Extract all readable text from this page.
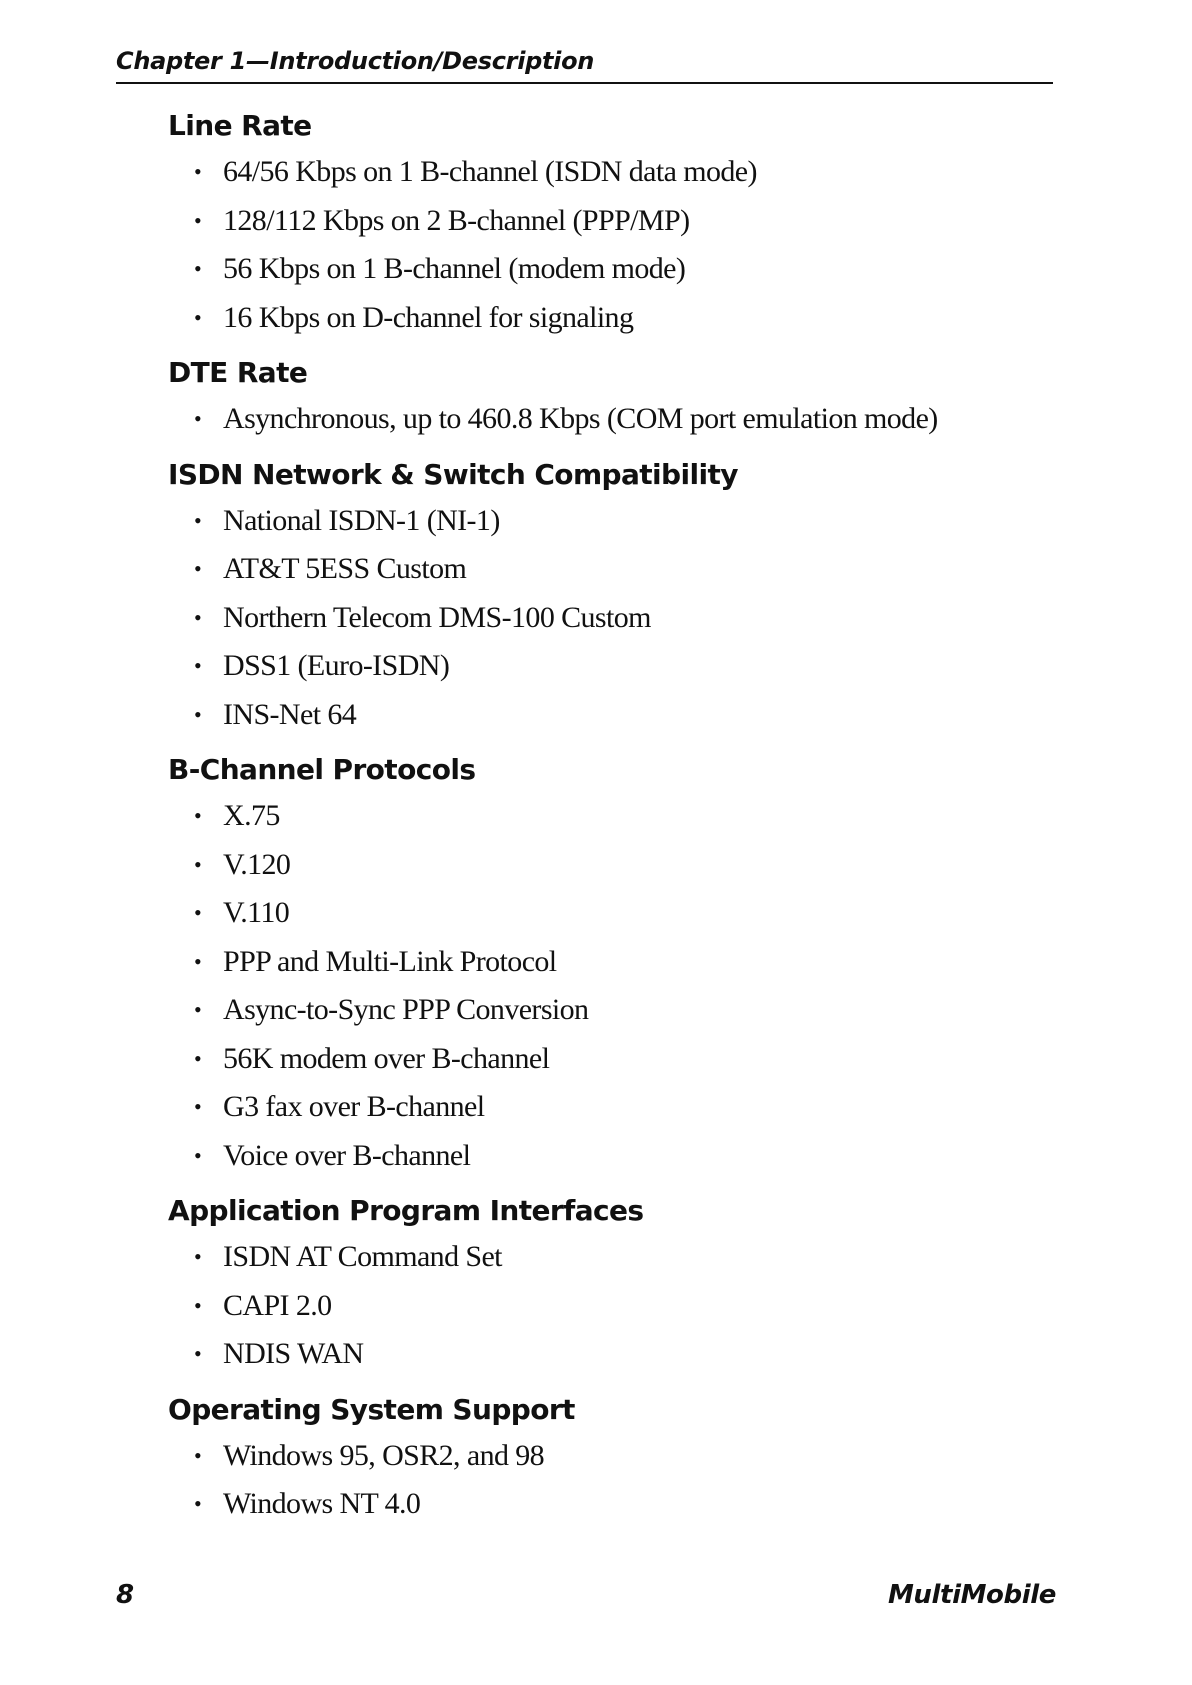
Chapter 1—Introduction/Description
Line Rate
• 64/56 Kbps on 1 B-channel (ISDN data mode)
• 128/112 Kbps on 2 B-channel (PPP/MP)
• 56 Kbps on 1 B-channel (modem mode)
• 16 Kbps on D-channel for signaling
DTE Rate
• Asynchronous, up to 460.8 Kbps (COM port emulation mode)
ISDN Network & Switch Compatibility
• National ISDN-1 (NI-1)
• AT&T 5ESS Custom
• Northern Telecom DMS-100 Custom
• DSS1 (Euro-ISDN)
• INS-Net 64
B-Channel Protocols
• X.75
• V.120
• V.110
• PPP and Multi-Link Protocol
• Async-to-Sync PPP Conversion
• 56K modem over B-channel
• G3 fax over B-channel
• Voice over B-channel
Application Program Interfaces
• ISDN AT Command Set
• CAPI 2.0
• NDIS WAN
Operating System Support
• Windows 95, OSR2, and 98
• Windows NT 4.0
8	MultiMobile
